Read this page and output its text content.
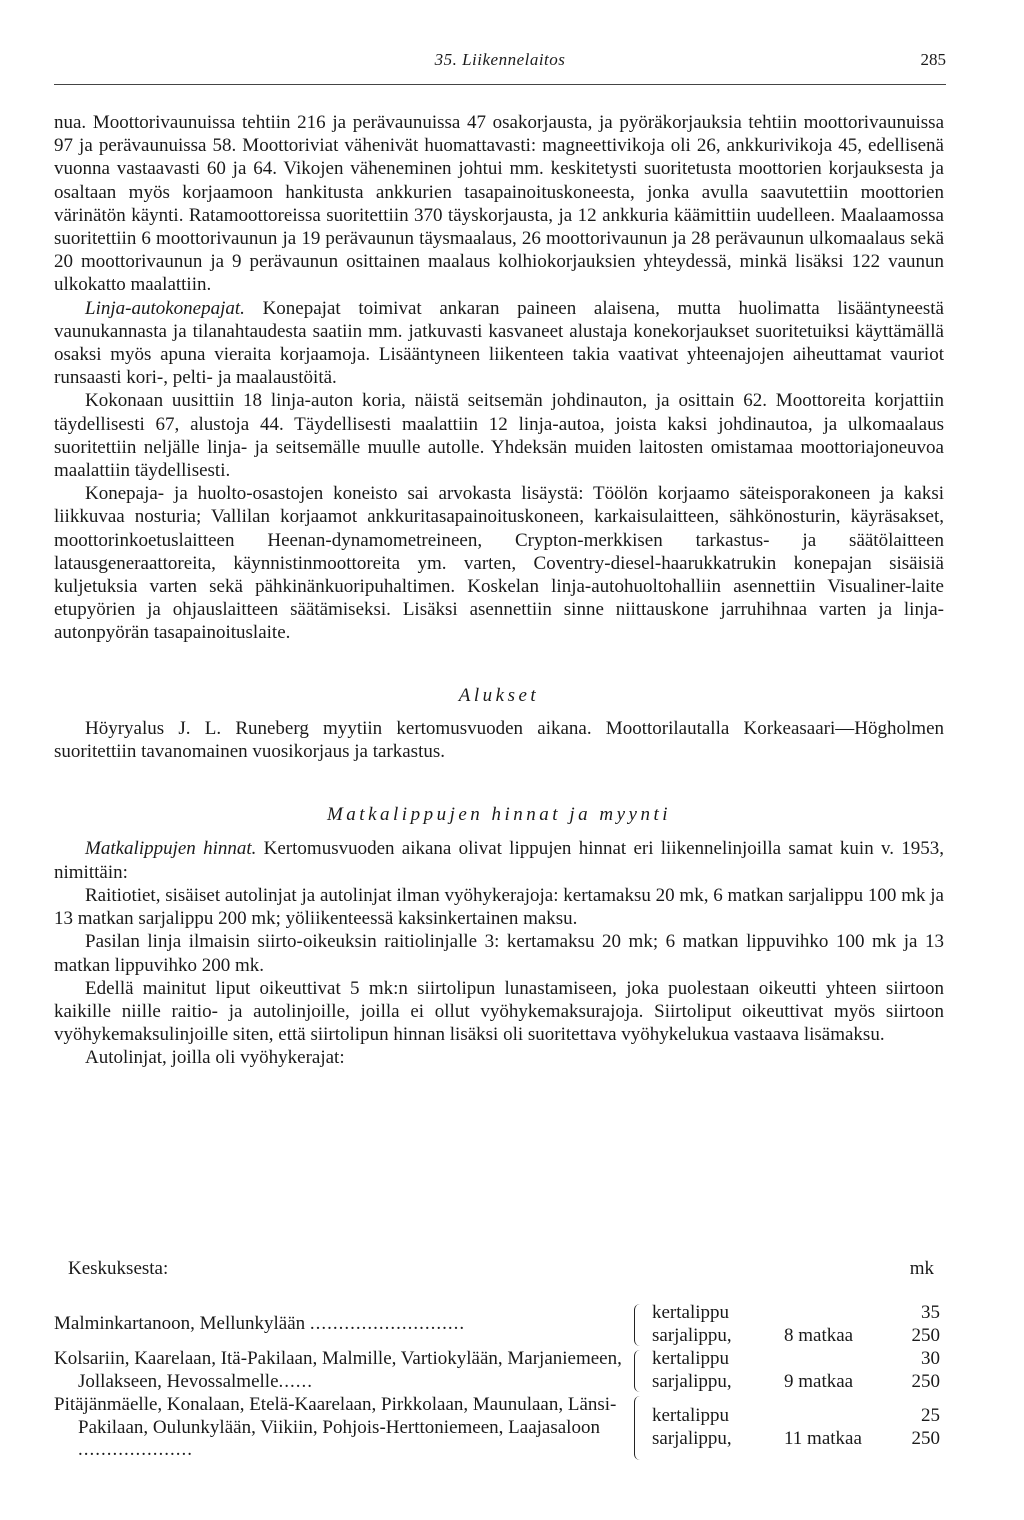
35. Liikennelaitos	285

nua. Moottorivaunuissa tehtiin 216 ja perävaunuissa 47 osakorjausta, ja pyöräkorjauksia tehtiin moottorivaunuissa 97 ja perävaunuissa 58. Moottoriviat vähenivät huomattavasti: magneettivikoja oli 26, ankkurivikoja 45, edellisenä vuonna vastaavasti 60 ja 64. Vikojen väheneminen johtui mm. keskitetysti suoritetusta moottorien korjauksesta ja osaltaan myös korjaamoon hankitusta ankkurien tasapainoituskoneesta, jonka avulla saavutettiin moottorien värinätön käynti. Ratamoottoreissa suoritettiin 370 täyskorjausta, ja 12 ankkuria käämittiin uudelleen. Maalaamossa suoritettiin 6 moottorivaunun ja 19 perävaunun täysmaalaus, 26 moottorivaunun ja 28 perävaunun ulkomaalaus sekä 20 moottorivaunun ja 9 perävaunun osittainen maalaus kolhiokorjauksien yhteydessä, minkä lisäksi 122 vaunun ulkokatto maalattiin.

Linja-autokonepajat. Konepajat toimivat ankaran paineen alaisena, mutta huolimatta lisääntyneestä vaunukannasta ja tilanahtaudesta saatiin mm. jatkuvasti kasvaneet alustaja konekorjaukset suoritetuiksi käyttämällä osaksi myös apuna vieraita korjaamoja. Lisääntyneen liikenteen takia vaativat yhteenajojen aiheuttamat vauriot runsaasti kori-, pelti- ja maalaustöitä.

Kokonaan uusittiin 18 linja-auton koria, näistä seitsemän johdinauton, ja osittain 62. Moottoreita korjattiin täydellisesti 67, alustoja 44. Täydellisesti maalattiin 12 linja-autoa, joista kaksi johdinautoa, ja ulkomaalaus suoritettiin neljälle linja- ja seitsemälle muulle autolle. Yhdeksän muiden laitosten omistamaa moottoriajoneuvoa maalattiin täydellisesti.

Konepaja- ja huolto-osastojen koneisto sai arvokasta lisäystä: Töölön korjaamo säteisporakoneen ja kaksi liikkuvaa nosturia; Vallilan korjaamot ankkuritasapainoituskoneen, karkaisulaitteen, sähkönosturin, käyräsakset, moottorinkoetuslaitteen Heenan-dynamometreineen, Crypton-merkkisen tarkastus- ja säätölaitteen latausgeneraattoreita, käynnistinmoottoreita ym. varten, Coventry-diesel-haarukkatrukin konepajan sisäisiä kuljetuksia varten sekä pähkinänkuoripuhaltimen. Koskelan linja-autohuoltohalliin asennettiin Visualiner-laite etupyörien ja ohjauslaitteen säätämiseksi. Lisäksi asennettiin sinne niittauskone jarruhihnaa varten ja linja-autonpyörän tasapainoituslaite.

Alukset

Höyryalus J. L. Runeberg myytiin kertomusvuoden aikana. Moottorilautalla Korkeasaari—Högholmen suoritettiin tavanomainen vuosikorjaus ja tarkastus.

Matkalippujen hinnat ja myynti

Matkalippujen hinnat. Kertomusvuoden aikana olivat lippujen hinnat eri liikennelinjoilla samat kuin v. 1953, nimittäin:

Raitiotiet, sisäiset autolinjat ja autolinjat ilman vyöhykerajoja: kertamaksu 20 mk, 6 matkan sarjalippu 100 mk ja 13 matkan sarjalippu 200 mk; yöliikenteessä kaksinkertainen maksu.

Pasilan linja ilmaisin siirto-oikeuksin raitiolinjalle 3: kertamaksu 20 mk; 6 matkan lippuvihko 100 mk ja 13 matkan lippuvihko 200 mk.

Edellä mainitut liput oikeuttivat 5 mk:n siirtolipun lunastamiseen, joka puolestaan oikeutti yhteen siirtoon kaikille niille raitio- ja autolinjoille, joilla ei ollut vyöhykemaksurajoja. Siirtoliput oikeuttivat myös siirtoon vyöhykemaksulinjoille siten, että siirtolipun hinnan lisäksi oli suoritettava vyöhykelukua vastaava lisämaksu.

Autolinjat, joilla oli vyöhykerajat:

Keskuksesta:	mk
Malminkartanoon, Mellunkylään ...........................
kertalippu	35
sarjalippu,	8 matkaa	250
Kolsariin, Kaarelaan, Itä-Pakilaan, Malmille, Vartiokylään, Marjaniemeen, Jollakseen, Hevossalmelle......
kertalippu	30
sarjalippu,	9 matkaa	250
Pitäjänmäelle, Konalaan, Etelä-Kaarelaan, Pirkkolaan, Maunulaan, Länsi-Pakilaan, Oulunkylään, Viikiin, Pohjois-Herttoniemeen, Laajasaloon ....................
kertalippu	25
sarjalippu,	11 matkaa	250
